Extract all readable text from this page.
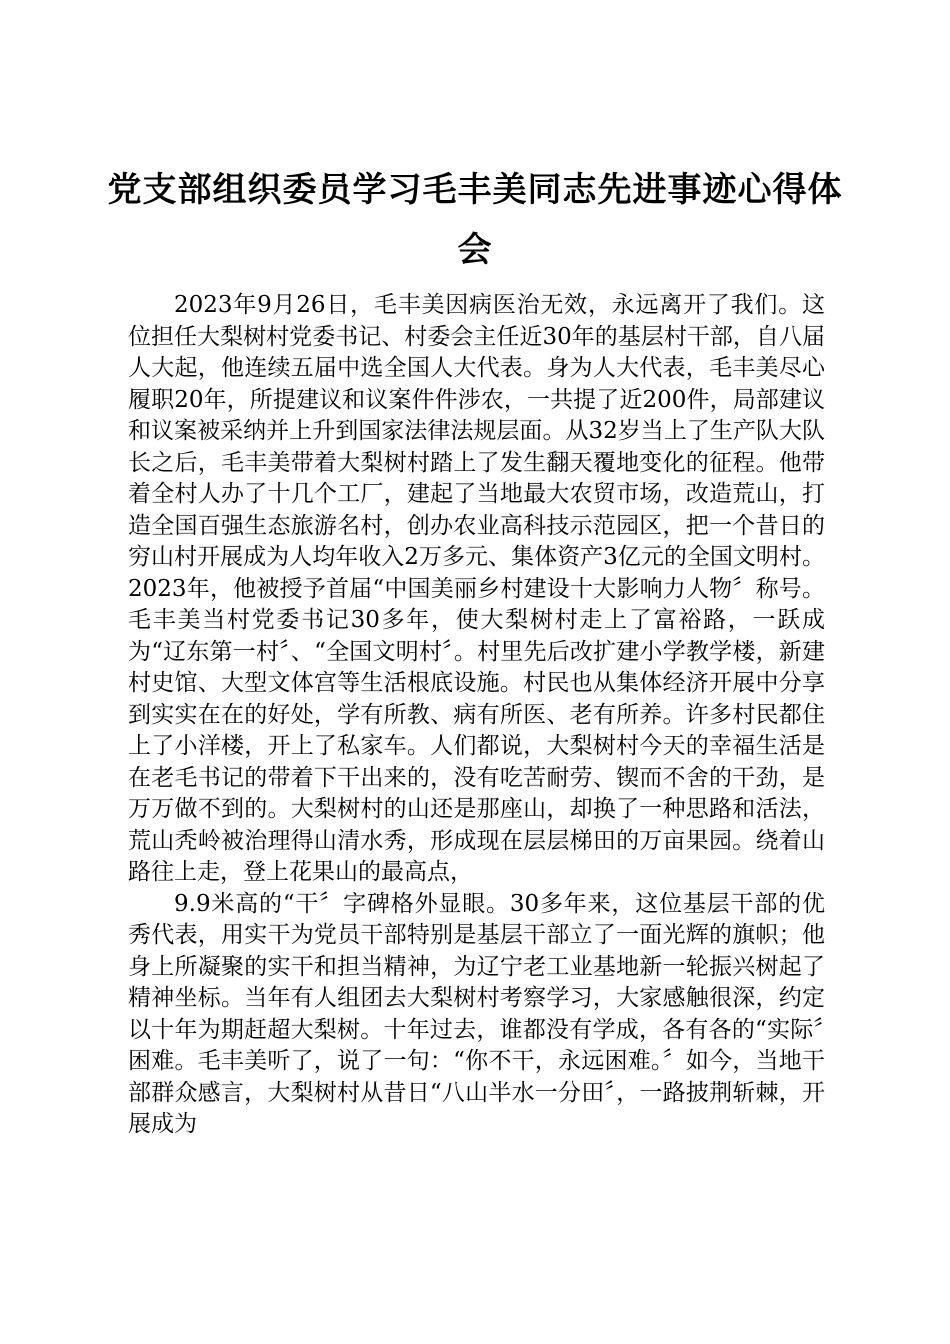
党支部组织委员学习毛丰美同志先进事迹心得体会

2023年9月26日，毛丰美因病医治无效，永远离开了我们。这位担任大梨树村党委书记、村委会主任近30年的基层村干部，自八届人大起，他连续五届中选全国人大代表。身为人大代表，毛丰美尽心履职20年，所提建议和议案件件涉农，一共提了近200件，局部建议和议案被采纳并上升到国家法律法规层面。从32岁当上了生产队大队长之后，毛丰美带着大梨树村踏上了发生翻天覆地变化的征程。他带着全村人办了十几个工厂，建起了当地最大农贸市场，改造荒山，打造全国百强生态旅游名村，创办农业高科技示范园区，把一个昔日的穷山村开展成为人均年收入2万多元、集体资产3亿元的全国文明村。2023年，他被授予首届“中国美丽乡村建设十大影响力人物〞称号。毛丰美当村党委书记30多年，使大梨树村走上了富裕路，一跃成为“辽东第一村〞、“全国文明村〞。村里先后改扩建小学教学楼，新建村史馆、大型文体宫等生活根底设施。村民也从集体经济开展中分享到实实在在的好处，学有所教、病有所医、老有所养。许多村民都住上了小洋楼，开上了私家车。人们都说，大梨树村今天的幸福生活是在老毛书记的带着下干出来的，没有吃苦耐劳、锲而不舍的干劲，是万万做不到的。大梨树村的山还是那座山，却换了一种思路和活法，荒山秃岭被治理得山清水秀，形成现在层层梯田的万亩果园。绕着山路往上走，登上花果山的最高点，

9.9米高的“干〞字碑格外显眼。30多年来，这位基层干部的优秀代表，用实干为党员干部特别是基层干部立了一面光辉的旗帜；他身上所凝聚的实干和担当精神，为辽宁老工业基地新一轮振兴树起了精神坐标。当年有人组团去大梨树村考察学习，大家感触很深，约定以十年为期赶超大梨树。十年过去，谁都没有学成，各有各的“实际〞困难。毛丰美听了，说了一句：“你不干，永远困难。〞如今，当地干部群众感言，大梨树村从昔日“八山半水一分田〞，一路披荆斩棘，开展成为
